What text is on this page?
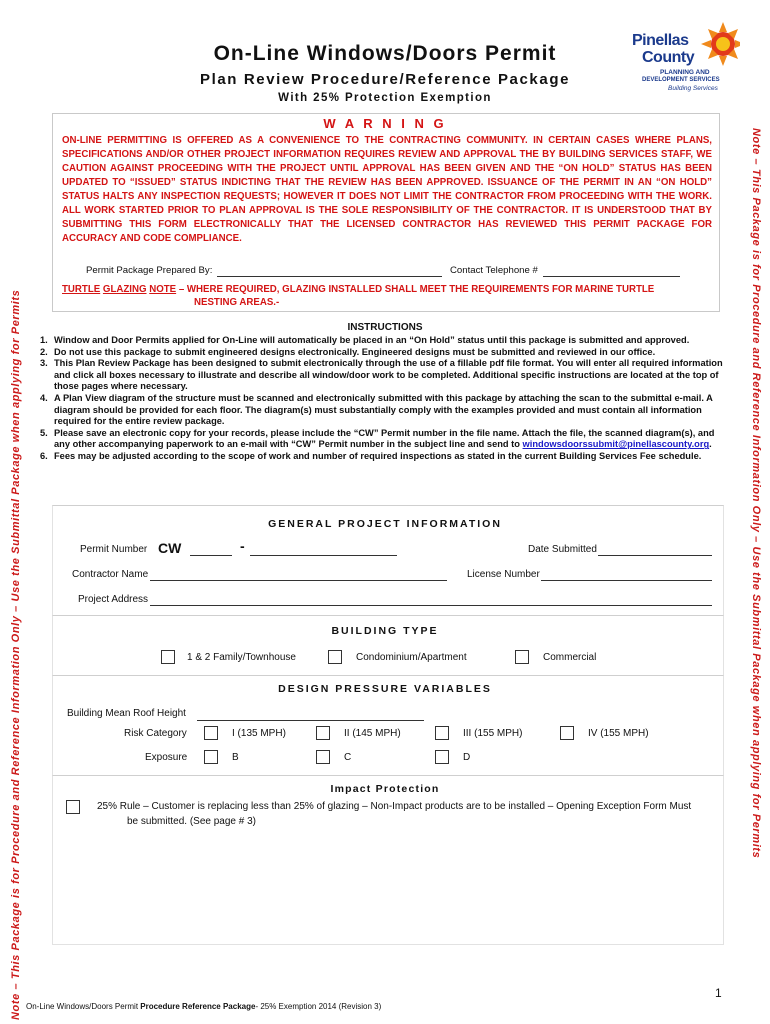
Note – This Package is for Procedure and Reference Information Only – Use the Submittal Package when applying for Permits	Note – This Package is for Procedure and Reference Information Only – Use the Submittal Package when applying for Permits
On-Line Windows/Doors Permit
Plan Review Procedure/Reference Package
With 25% Protection Exemption
Pinellas
County
PLANNING AND
DEVELOPMENT SERVICES
Building Services
W A R N I N G
ON-LINE PERMITTING IS OFFERED AS A CONVENIENCE TO THE CONTRACTING COMMUNITY. IN CERTAIN CASES WHERE PLANS, SPECIFICATIONS AND/OR OTHER PROJECT INFORMATION REQUIRES REVIEW AND APPROVAL THE BY BUILDING SERVICES STAFF, WE CAUTION AGAINST PROCEEDING WITH THE PROJECT UNTIL APPROVAL HAS BEEN GIVEN AND THE “ON HOLD” STATUS HAS BEEN UPDATED TO “ISSUED” STATUS INDICTING THAT THE REVIEW HAS BEEN APPROVED. ISSUANCE OF THE PERMIT IN AN “ON HOLD” STATUS HALTS ANY INSPECTION REQUESTS; HOWEVER IT DOES NOT LIMIT THE CONTRACTOR FROM PROCEEDING WITH THE WORK. ALL WORK STARTED PRIOR TO PLAN APPROVAL IS THE SOLE RESPONSIBILITY OF THE CONTRACTOR. IT IS UNDERSTOOD THAT BY SUBMITTING THIS FORM ELECTRONICALLY THAT THE LICENSED CONTRACTOR HAS REVIEWED THIS PERMIT PACKAGE FOR ACCURACY AND CODE COMPLIANCE.
Permit Package Prepared By:	Contact Telephone #
TURTLE GLAZING NOTE – WHERE REQUIRED, GLAZING INSTALLED SHALL MEET THE REQUIREMENTS FOR MARINE TURTLE
NESTING AREAS.-
INSTRUCTIONS
1. Window and Door Permits applied for On-Line will automatically be placed in an “On Hold” status until this package is submitted and approved.
2. Do not use this package to submit engineered designs electronically. Engineered designs must be submitted and reviewed in our office.
3. This Plan Review Package has been designed to submit electronically through the use of a fillable pdf file format. You will enter all required information and click all boxes necessary to illustrate and describe all window/door work to be completed. Additional specific instructions are located at the top of those pages where necessary.
4. A Plan View diagram of the structure must be scanned and electronically submitted with this package by attaching the scan to the submittal e-mail. A diagram should be provided for each floor. The diagram(s) must substantially comply with the examples provided and must contain all information required for the entire review package.
5. Please save an electronic copy for your records, please include the “CW” Permit number in the file name. Attach the file, the scanned diagram(s), and any other accompanying paperwork to an e-mail with “CW” Permit number in the subject line and send to windowsdoorssubmit@pinellascounty.org.
6. Fees may be adjusted according to the scope of work and number of required inspections as stated in the current Building Services Fee schedule.
GENERAL PROJECT INFORMATION
Permit Number CW	-	Date Submitted
Contractor Name	License Number
Project Address
BUILDING TYPE
1 & 2 Family/Townhouse	Condominium/Apartment	Commercial
DESIGN PRESSURE VARIABLES
Building Mean Roof Height
Risk Category	I (135 MPH)	II (145 MPH)	III (155 MPH)	IV (155 MPH)
Exposure	B	C	D
Impact Protection
25% Rule – Customer is replacing less than 25% of glazing – Non-Impact products are to be installed – Opening Exception Form Must
be submitted. (See page # 3)
1
On-Line Windows/Doors Permit Procedure Reference Package- 25% Exemption 2014 (Revision 3)
